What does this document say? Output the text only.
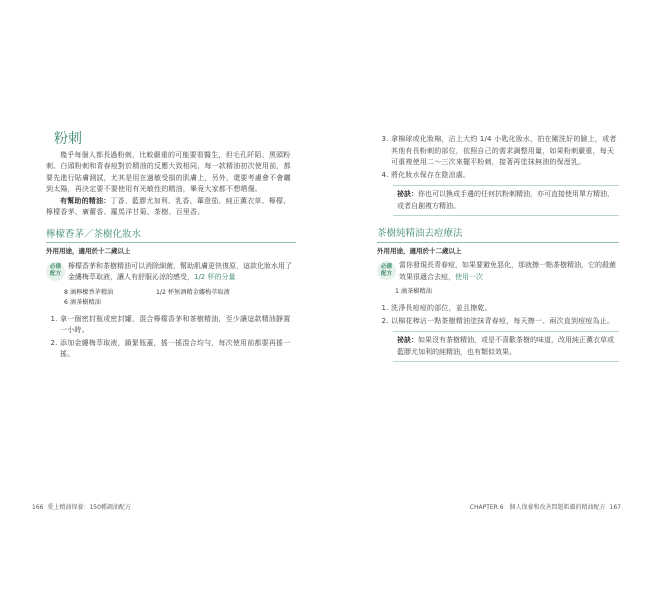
粉刺

幾乎每個人都長過粉刺，比較嚴重的可能要看醫生，但毛孔阡陌、黑頭粉刺、白頭粉刺和青春痘對於精油的反應大致相同，每一款精油初次使用前，都要先進行貼膚測試，尤其是用在過敏受損的肌膚上，另外，還要考慮會不會曬到太陽，再決定要不要使用有光敏性的精油，畢竟大家都不想晒傷。

有幫助的精油：丁香、藍膠尤加利、乳香、蓽澄茄、純正薰衣草、檸檬、檸檬香茅、廣藿香、羅馬洋甘菊、茶樹、百里香。

檸檬香茅／茶樹化妝水
外用用途，適用於十二歲以上
必備
配方
檸檬香茅和茶樹精油可以消除細菌，幫助肌膚更快復原，這款化妝水用了金縷梅萃取液，讓人有舒服沁涼的感受，1/2 杯的分量
8 滴檸檬香茅精油	1/2 杯無酒精金縷梅萃取液
6 滴茶樹精油
1. 拿一個密封瓶或密封罐，混合檸檬香茅和茶樹精油，至少讓這款精油靜置一小時。
2. 添加金縷梅萃取液，鎖緊瓶蓋，搖一搖混合均勻，每次使用前都要再搖一搖。
3. 拿棉球或化妝棉，沾上大約 1/4 小匙化妝水，拍在剛洗好的臉上，或者其他有長粉刺的部位，依照自己的需求調整用量，如果粉刺嚴重，每天可重複使用二～三次來擺平粉刺，接著再塗抹無油的保溼乳。
4. 將化妝水保存在陰涼處。
祕訣：你也可以換成手邊的任何抗粉刺精油，亦可直接使用單方精油，或者自創複方精油。
茶樹純精油去痘療法
外用用途，適用於十二歲以上
必備
配方
當你發現長青春痘，如果要避免惡化，那就擦一點茶樹精油，它的殺菌效果很適合去痘，使用一次
1 滴茶樹精油
1. 洗淨長痘痘的部位，並且擦乾。
2. 以棉花棒沾一點茶樹精油塗抹青春痘，每天擦一、兩次直到痘痘為止。
祕訣：如果沒有茶樹精油，或是不喜歡茶樹的味道，改用純正薰衣草或藍膠尤加利的純精油，也有類似效果。
166 愛上精油保養：150種調油配方	CHAPTER 6　個人保養和改善問題肌膚的精油配方 167
